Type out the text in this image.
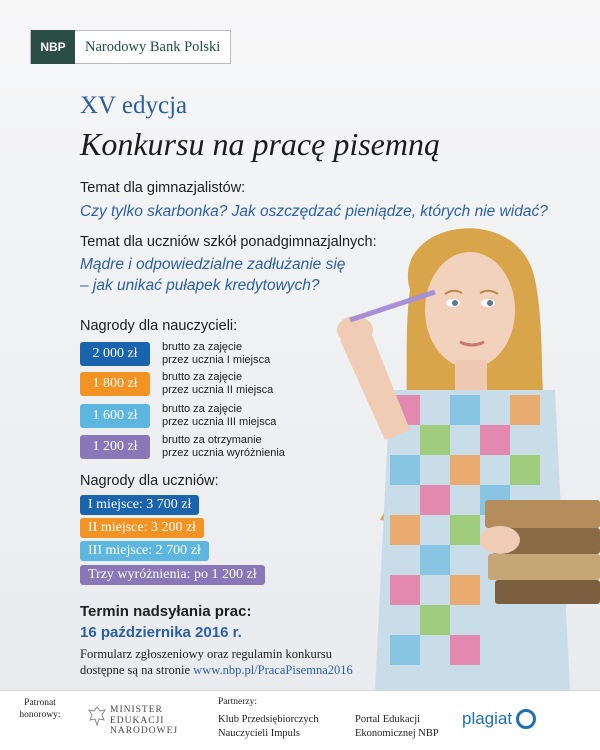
NBP	Narodowy Bank Polski
XV edycja
Konkursu na pracę pisemną
Temat dla gimnazjalistów:
Czy tylko skarbonka? Jak oszczędzać pieniądze, których nie widać?
Temat dla uczniów szkół ponadgimnazjalnych:
Mądre i odpowiedzialne zadłużanie się
– jak unikać pułapek kredytowych?
Nagrody dla nauczycieli:
2 000 zł	brutto za zajęcie
przez ucznia I miejsca
1 800 zł	brutto za zajęcie
przez ucznia II miejsca
1 600 zł	brutto za zajęcie
przez ucznia III miejsca
1 200 zł	brutto za otrzymanie
przez ucznia wyróżnienia
Nagrody dla uczniów:
I miejsce: 3 700 zł
II miejsce: 3 200 zł
III miejsce: 2 700 zł
Trzy wyróżnienia: po 1 200 zł
Termin nadsyłania prac:
16 października 2016 r.
Formularz zgłoszeniowy oraz regulamin konkursu
dostępne są na stronie www.nbp.pl/PracaPisemna2016
Patronat
honorowy:	MINISTER
EDUKACJI
NARODOWEJ
Partnerzy:
Klub Przedsiębiorczych
Nauczycieli Impuls
Portal Edukacji
Ekonomicznej NBP
plagiat
